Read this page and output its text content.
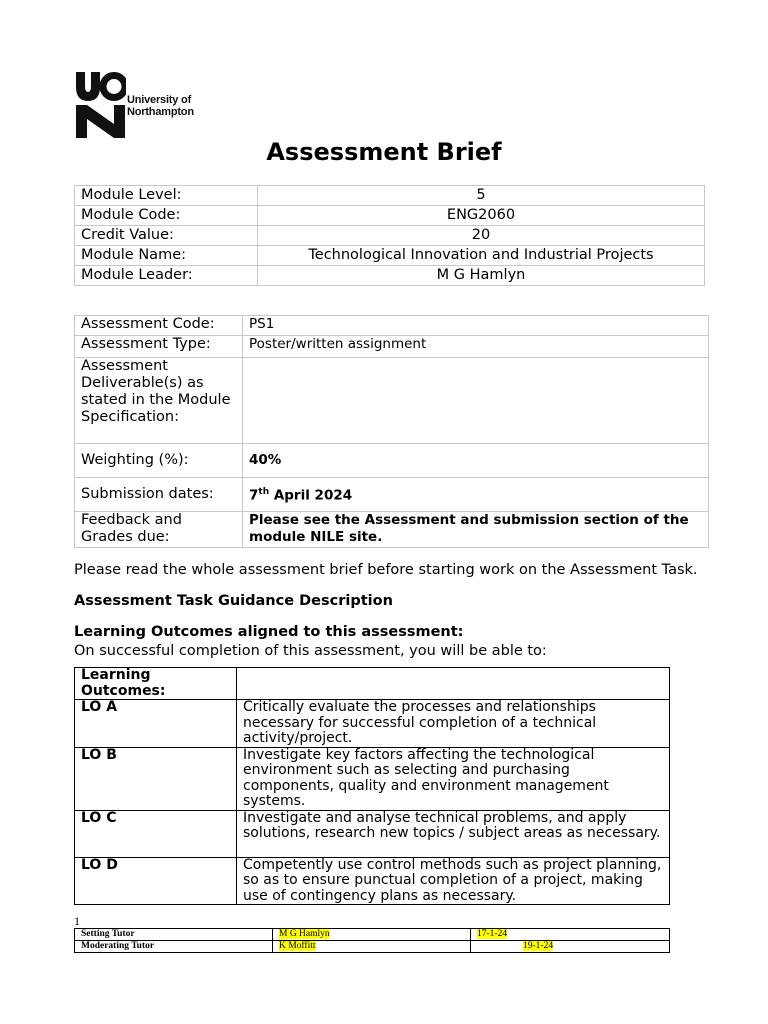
University of
Northampton
Assessment Brief
Module Level:	5
Module Code:	ENG2060
Credit Value:	20
Module Name:	Technological Innovation and Industrial Projects
Module Leader:	M G Hamlyn
Assessment Code:	PS1
Assessment Type:	Poster/written assignment
Assessment Deliverable(s) as stated in the Module Specification:	
Weighting (%):	40%
Submission dates:	7th April 2024
Feedback and Grades due:	Please see the Assessment and submission section of the module NILE site.
Please read the whole assessment brief before starting work on the Assessment Task.
Assessment Task Guidance Description
Learning Outcomes aligned to this assessment:
On successful completion of this assessment, you will be able to:
Learning Outcomes:	
LO A	Critically evaluate the processes and relationships necessary for successful completion of a technical activity/project.
LO B	Investigate key factors affecting the technological environment such as selecting and purchasing components, quality and environment management systems.
LO C	Investigate and analyse technical problems, and apply solutions, research new topics / subject areas as necessary.
LO D	Competently use control methods such as project planning, so as to ensure punctual completion of a project, making use of contingency plans as necessary.
1
Setting Tutor	M G Hamlyn	17-1-24
Moderating Tutor	K Moffitt	19-1-24
